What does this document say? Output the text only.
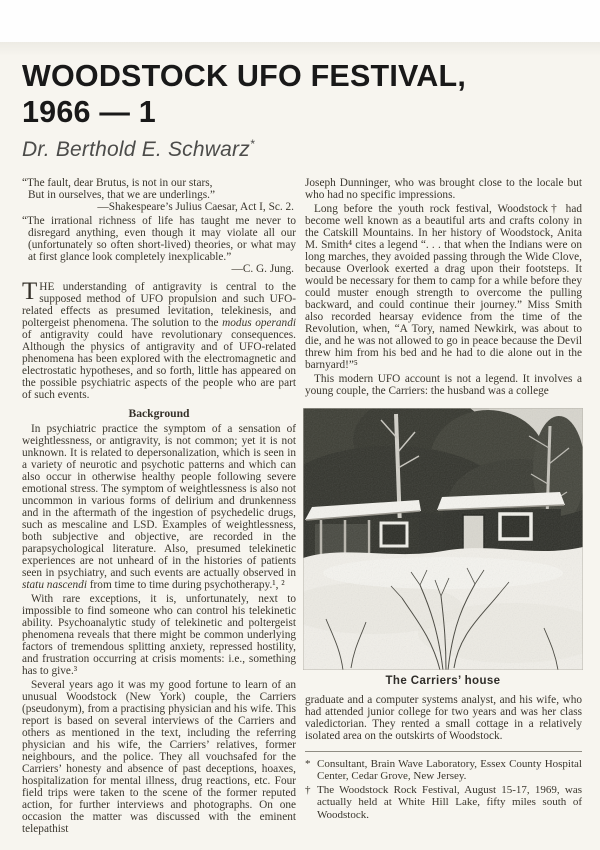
WOODSTOCK UFO FESTIVAL,
1966 — 1
Dr. Berthold E. Schwarz*
“The fault, dear Brutus, is not in our stars,
But in ourselves, that we are underlings.”
—Shakespeare’s Julius Caesar, Act I, Sc. 2.
“The irrational richness of life has taught me never to disregard anything, even though it may violate all our (unfortunately so often short-lived) theories, or what may at first glance look completely inexplicable.”
—C. G. Jung.

THE understanding of antigravity is central to the supposed method of UFO propulsion and such UFO-related effects as presumed levitation, telekinesis, and poltergeist phenomena. The solution to the modus operandi of antigravity could have revolutionary consequences. Although the physics of antigravity and of UFO-related phenomena has been explored with the electromagnetic and electrostatic hypotheses, and so forth, little has appeared on the possible psychiatric aspects of the people who are part of such events.

Background

In psychiatric practice the symptom of a sensation of weightlessness, or antigravity, is not common; yet it is not unknown. It is related to depersonalization, which is seen in a variety of neurotic and psychotic patterns and which can also occur in otherwise healthy people following severe emotional stress. The symptom of weightlessness is also not uncommon in various forms of delirium and drunkenness and in the aftermath of the ingestion of psychedelic drugs, such as mescaline and LSD. Examples of weightlessness, both subjective and objective, are recorded in the parapsychological literature. Also, presumed telekinetic experiences are not unheard of in the histories of patients seen in psychiatry, and such events are actually observed in statu nascendi from time to time during psychotherapy.¹, ²

With rare exceptions, it is, unfortunately, next to impossible to find someone who can control his telekinetic ability. Psychoanalytic study of telekinetic and poltergeist phenomena reveals that there might be common underlying factors of tremendous splitting anxiety, repressed hostility, and frustration occurring at crisis moments: i.e., something has to give.³

Several years ago it was my good fortune to learn of an unusual Woodstock (New York) couple, the Carriers (pseudonym), from a practising physician and his wife. This report is based on several interviews of the Carriers and others as mentioned in the text, including the referring physician and his wife, the Carriers’ relatives, former neighbours, and the police. They all vouchsafed for the Carriers’ honesty and absence of past deceptions, hoaxes, hospitalization for mental illness, drug reactions, etc. Four field trips were taken to the scene of the former reputed action, for further interviews and photographs. On one occasion the matter was discussed with the eminent telepathist

Joseph Dunninger, who was brought close to the locale but who had no specific impressions.

Long before the youth rock festival, Woodstock† had become well known as a beautiful arts and crafts colony in the Catskill Mountains. In her history of Woodstock, Anita M. Smith⁴ cites a legend “. . . that when the Indians were on long marches, they avoided passing through the Wide Clove, because Overlook exerted a drag upon their footsteps. It would be necessary for them to camp for a while before they could muster enough strength to overcome the pulling backward, and could continue their journey.” Miss Smith also recorded hearsay evidence from the time of the Revolution, when, “A Tory, named Newkirk, was about to die, and he was not allowed to go in peace because the Devil threw him from his bed and he had to die alone out in the barnyard!”⁵

This modern UFO account is not a legend. It involves a young couple, the Carriers: the husband was a college

The Carriers’ house

graduate and a computer systems analyst, and his wife, who had attended junior college for two years and was her class valedictorian. They rented a small cottage in a relatively isolated area on the outskirts of Woodstock.

* Consultant, Brain Wave Laboratory, Essex County Hospital Center, Cedar Grove, New Jersey.
† The Woodstock Rock Festival, August 15-17, 1969, was actually held at White Hill Lake, fifty miles south of Woodstock.
